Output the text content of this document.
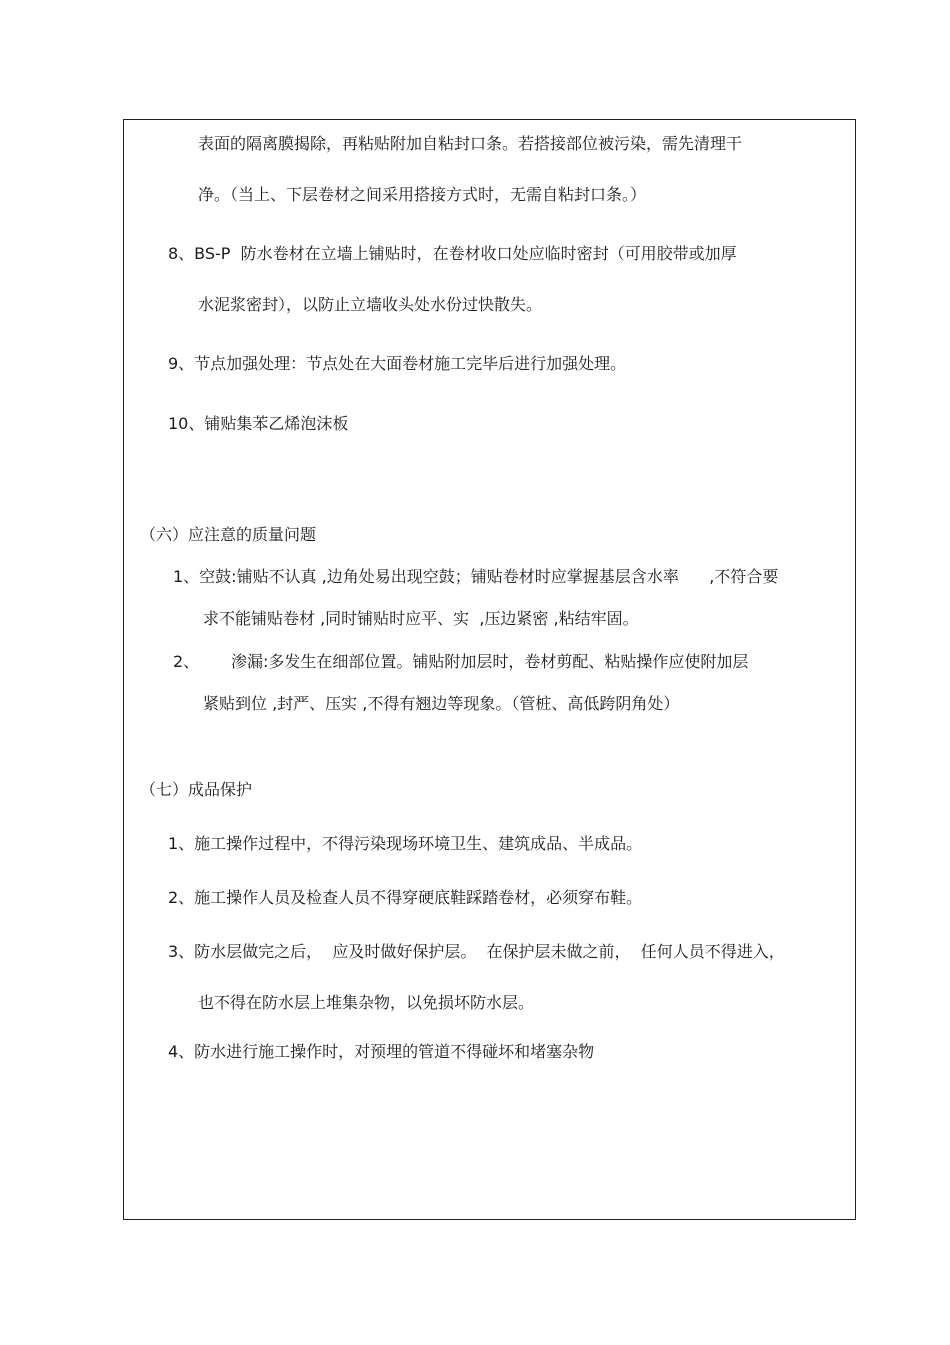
表面的隔离膜揭除，再粘贴附加自粘封口条。若搭接部位被污染，需先清理干
净。（当上、下层卷材之间采用搭接方式时，无需自粘封口条。）
8、BS-P  防水卷材在立墙上铺贴时，在卷材收口处应临时密封（可用胶带或加厚
水泥浆密封），以防止立墙收头处水份过快散失。
9、节点加强处理：节点处在大面卷材施工完毕后进行加强处理。
10、铺贴集苯乙烯泡沫板
（六）应注意的质量问题
1、空鼓:铺贴不认真 ,边角处易出现空鼓；铺贴卷材时应掌握基层含水率      ,不符合要
求不能铺贴卷材 ,同时铺贴时应平、实  ,压边紧密 ,粘结牢固。
2、 渗漏:多发生在细部位置。铺贴附加层时，卷材剪配、粘贴操作应使附加层
紧贴到位 ,封严、压实 ,不得有翘边等现象。（管桩、高低跨阴角处）
（七）成品保护
1、施工操作过程中，不得污染现场环境卫生、建筑成品、半成品。
2、施工操作人员及检查人员不得穿硬底鞋踩踏卷材，必须穿布鞋。
3、防水层做完之后，  应及时做好保护层。  在保护层未做之前，  任何人员不得进入，
也不得在防水层上堆集杂物，以免损坏防水层。
4、防水进行施工操作时，对预埋的管道不得碰坏和堵塞杂物
